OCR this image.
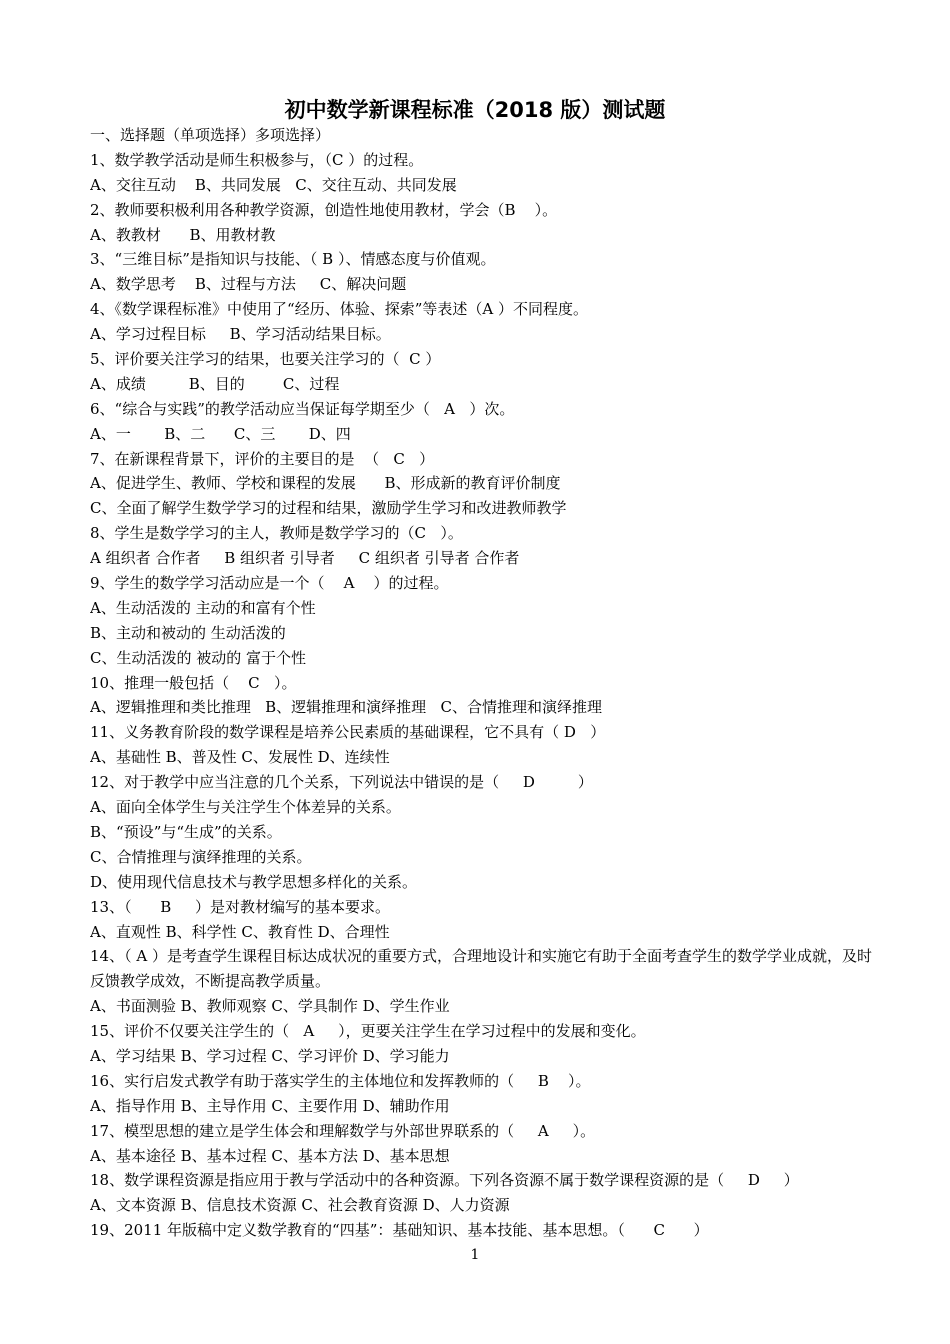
初中数学新课程标准（2018 版）测试题
一、选择题（单项选择）多项选择）
1、数学教学活动是师生积极参与，（C ）的过程。
A、交往互动    B、共同发展   C、交往互动、共同发展
2、教师要积极利用各种教学资源，创造性地使用教材，学会（B    ）。
A、教教材      B、用教材教
3、“三维目标”是指知识与技能、（ B ）、情感态度与价值观。
A、数学思考    B、过程与方法     C、解决问题
4、《数学课程标准》中使用了“经历、体验、探索”等表述（A ）不同程度。
A、学习过程目标     B、学习活动结果目标。
5、评价要关注学习的结果，也要关注学习的（  C ）
A、成绩         B、目的        C、过程
6、“综合与实践”的教学活动应当保证每学期至少（   A   ）次。
A、一       B、二      C、三       D、四
7、在新课程背景下，评价的主要目的是  （   C   ）
A、促进学生、教师、学校和课程的发展      B、形成新的教育评价制度
C、全面了解学生数学学习的过程和结果，激励学生学习和改进教师教学
8、学生是数学学习的主人，教师是数学学习的（C   ）。
A 组织者 合作者     B 组织者 引导者     C 组织者 引导者 合作者
9、学生的数学学习活动应是一个（    A    ）的过程。
A、生动活泼的 主动的和富有个性
B、主动和被动的 生动活泼的
C、生动活泼的 被动的 富于个性
10、推理一般包括（    C   ）。
A、逻辑推理和类比推理   B、逻辑推理和演绎推理   C、合情推理和演绎推理
11、义务教育阶段的数学课程是培养公民素质的基础课程，它不具有（ D   ）
A、基础性 B、普及性 C、发展性 D、连续性
12、对于教学中应当注意的几个关系，下列说法中错误的是（     D         ）
A、面向全体学生与关注学生个体差异的关系。
B、“预设”与“生成”的关系。
C、合情推理与演绎推理的关系。
D、使用现代信息技术与教学思想多样化的关系。
13、（      B     ）是对教材编写的基本要求。
A、直观性 B、科学性 C、教育性 D、合理性
14、（ A ）是考查学生课程目标达成状况的重要方式，合理地设计和实施它有助于全面考查学生的数学学业成就，及时反馈教学成效，不断提高教学质量。
A、书面测验 B、教师观察 C、学具制作 D、学生作业
15、评价不仅要关注学生的（   A     ），更要关注学生在学习过程中的发展和变化。
A、学习结果 B、学习过程 C、学习评价 D、学习能力
16、实行启发式教学有助于落实学生的主体地位和发挥教师的（     B    ）。
A、指导作用 B、主导作用 C、主要作用 D、辅助作用
17、模型思想的建立是学生体会和理解数学与外部世界联系的（     A     ）。
A、基本途径 B、基本过程 C、基本方法 D、基本思想
18、数学课程资源是指应用于教与学活动中的各种资源。下列各资源不属于数学课程资源的是（     D     ）
A、文本资源 B、信息技术资源 C、社会教育资源 D、人力资源
19、2011 年版稿中定义数学教育的“四基”：基础知识、基本技能、基本思想。（      C      ）
1
